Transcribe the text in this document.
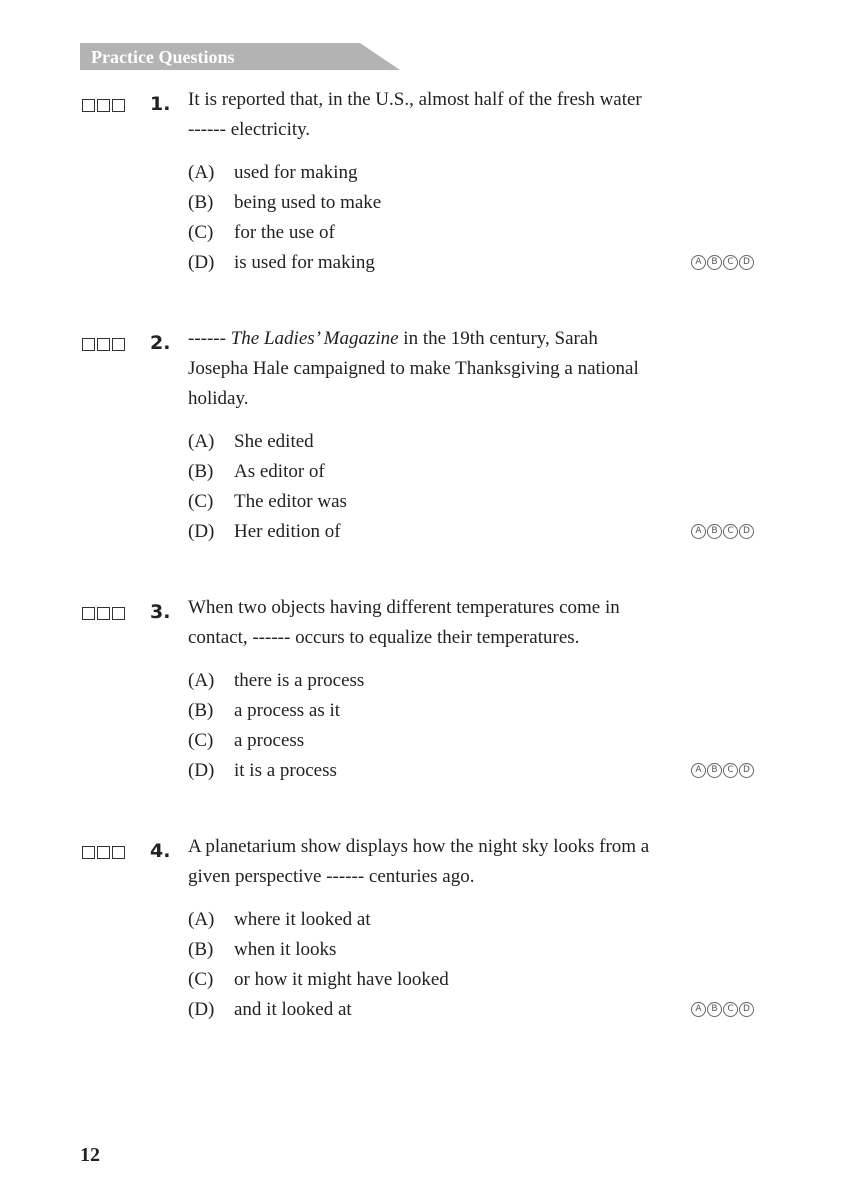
Practice Questions
1. It is reported that, in the U.S., almost half of the fresh water
------ electricity.
(A) used for making
(B) being used to make
(C) for the use of
(D) is used for making	A	B	C	D
2. ------ The Ladies’ Magazine in the 19th century, Sarah
Josepha Hale campaigned to make Thanksgiving a national
holiday.
(A) She edited
(B) As editor of
(C) The editor was
(D) Her edition of	A	B	C	D
3. When two objects having different temperatures come in
contact, ------ occurs to equalize their temperatures.
(A) there is a process
(B) a process as it
(C) a process
(D) it is a process	A	B	C	D
4. A planetarium show displays how the night sky looks from a
given perspective ------ centuries ago.
(A) where it looked at
(B) when it looks
(C) or how it might have looked
(D) and it looked at	A	B	C	D
12
